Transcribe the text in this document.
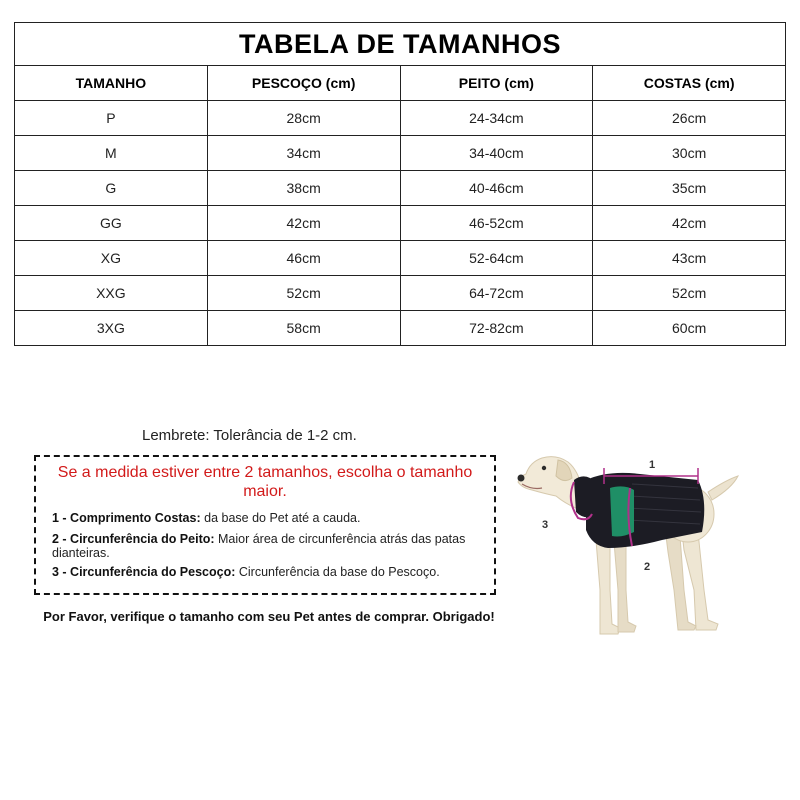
TABELA DE TAMANHOS			
TAMANHO	PESCOÇO (cm)	PEITO (cm)	COSTAS (cm)
P	28cm	24-34cm	26cm
M	34cm	34-40cm	30cm
G	38cm	40-46cm	35cm
GG	42cm	46-52cm	42cm
XG	46cm	52-64cm	43cm
XXG	52cm	64-72cm	52cm
3XG	58cm	72-82cm	60cm
Lembrete: Tolerância de 1-2 cm.
Se a medida estiver entre 2 tamanhos, escolha o tamanho maior.
1 - Comprimento Costas: da base do Pet até a cauda.
2 - Circunferência do Peito: Maior área de circunferência atrás das patas dianteiras.
3 - Circunferência do Pescoço: Circunferência da base do Pescoço.
Por Favor, verifique o tamanho com seu Pet antes de comprar. Obrigado!
1
2
3
